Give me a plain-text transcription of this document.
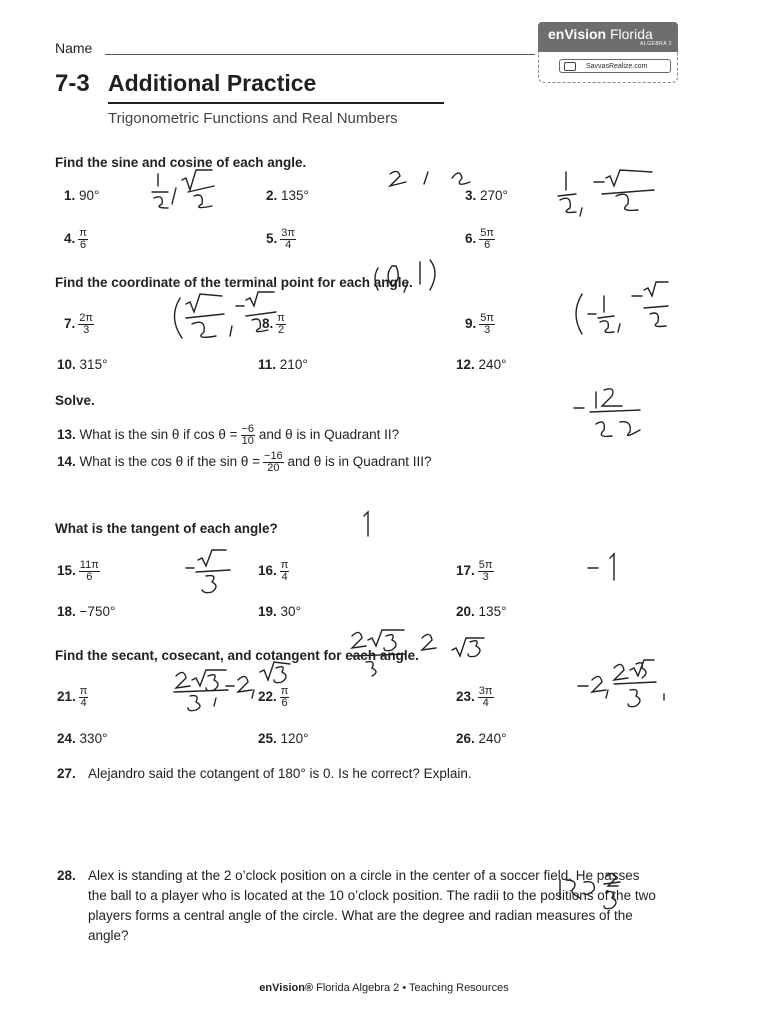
Name
enVision Florida
ALGEBRA 2
SavvasRealize.com
7-3 Additional Practice
Trigonometric Functions and Real Numbers
Find the sine and cosine of each angle.
1. 90°	2. 135°	3. 270°
4. $\frac{\pi}{6}$	5. $\frac{3\pi}{4}$	6. $\frac{5\pi}{6}$
Find the coordinate of the terminal point for each angle.
7. $\frac{2\pi}{3}$	8. $\frac{\pi}{2}$	9. $\frac{5\pi}{3}$
10. 315°	11. 210°	12. 240°
Solve.
13. What is the sin θ if $\cos \theta = \frac{-6}{10}$ and θ is in Quadrant II?
14. What is the cos θ if the $\sin \theta = \frac{-16}{20}$ and θ is in Quadrant III?
What is the tangent of each angle?
15. $\frac{11\pi}{6}$	16. $\frac{\pi}{4}$	17. $\frac{5\pi}{3}$
18. −750°	19. 30°	20. 135°
Find the secant, cosecant, and cotangent for each angle.
21. $\frac{\pi}{4}$	22. $\frac{\pi}{6}$	23. $\frac{3\pi}{4}$
24. 330°	25. 120°	26. 240°
27. Alejandro said the cotangent of 180° is 0. Is he correct? Explain.
28. Alex is standing at the 2 o’clock position on a circle in the center of a soccer field. He passes the ball to a player who is located at the 10 o’clock position. The radii to the positions of the two players forms a central angle of the circle. What are the degree and radian measures of the angle?
enVision® Florida Algebra 2 • Teaching Resources
